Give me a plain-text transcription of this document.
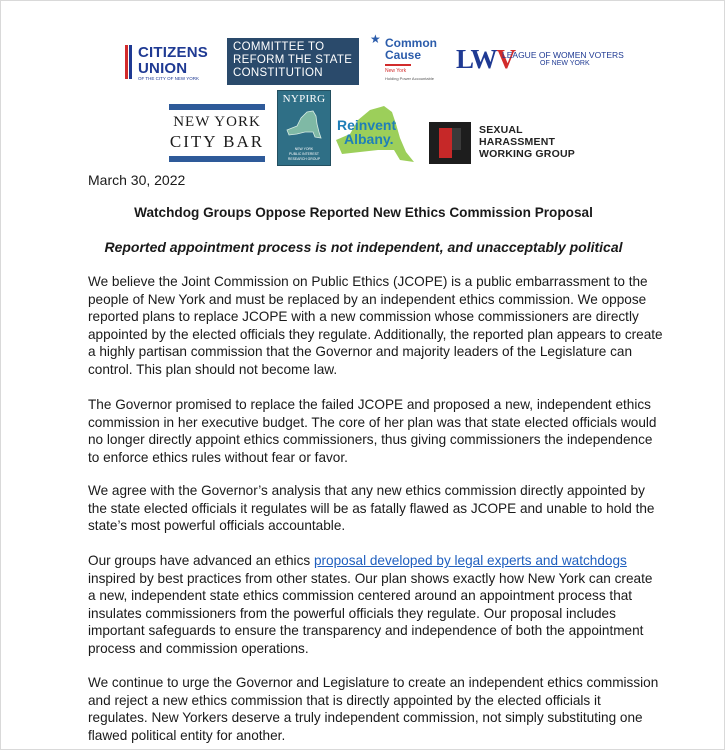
CITIZENS
UNION
OF THE CITY OF NEW YORK
COMMITTEE TO
REFORM THE STATE
CONSTITUTION
★ Common
Cause
New York
Holding Power Accountable
LWV
LEAGUE OF WOMEN VOTERS
OF NEW YORK
NEW YORK
CITY BAR
NYPIRG
NEW YORK
PUBLIC INTEREST
RESEARCH GROUP
Reinvent
Albany.
SEXUAL
HARASSMENT
WORKING GROUP
March 30, 2022
Watchdog Groups Oppose Reported New Ethics Commission Proposal
Reported appointment process is not independent, and unacceptably political
We believe the Joint Commission on Public Ethics (JCOPE) is a public embarrassment to the people of New York and must be replaced by an independent ethics commission. We oppose reported plans to replace JCOPE with a new commission whose commissioners are directly appointed by the elected officials they regulate. Additionally, the reported plan appears to create a highly partisan commission that the Governor and majority leaders of the Legislature can control. This plan should not become law.
The Governor promised to replace the failed JCOPE and proposed a new, independent ethics commission in her executive budget. The core of her plan was that state elected officials would no longer directly appoint ethics commissioners, thus giving commissioners the independence to enforce ethics rules without fear or favor.
We agree with the Governor’s analysis that any new ethics commission directly appointed by the state elected officials it regulates will be as fatally flawed as JCOPE and unable to hold the state’s most powerful officials accountable.
Our groups have advanced an ethics proposal developed by legal experts and watchdogs inspired by best practices from other states. Our plan shows exactly how New York can create a new, independent state ethics commission centered around an appointment process that insulates commissioners from the powerful officials they regulate. Our proposal includes important safeguards to ensure the transparency and independence of both the appointment process and commission operations.
We continue to urge the Governor and Legislature to create an independent ethics commission and reject a new ethics commission that is directly appointed by the elected officials it regulates. New Yorkers deserve a truly independent commission, not simply substituting one flawed political entity for another.
